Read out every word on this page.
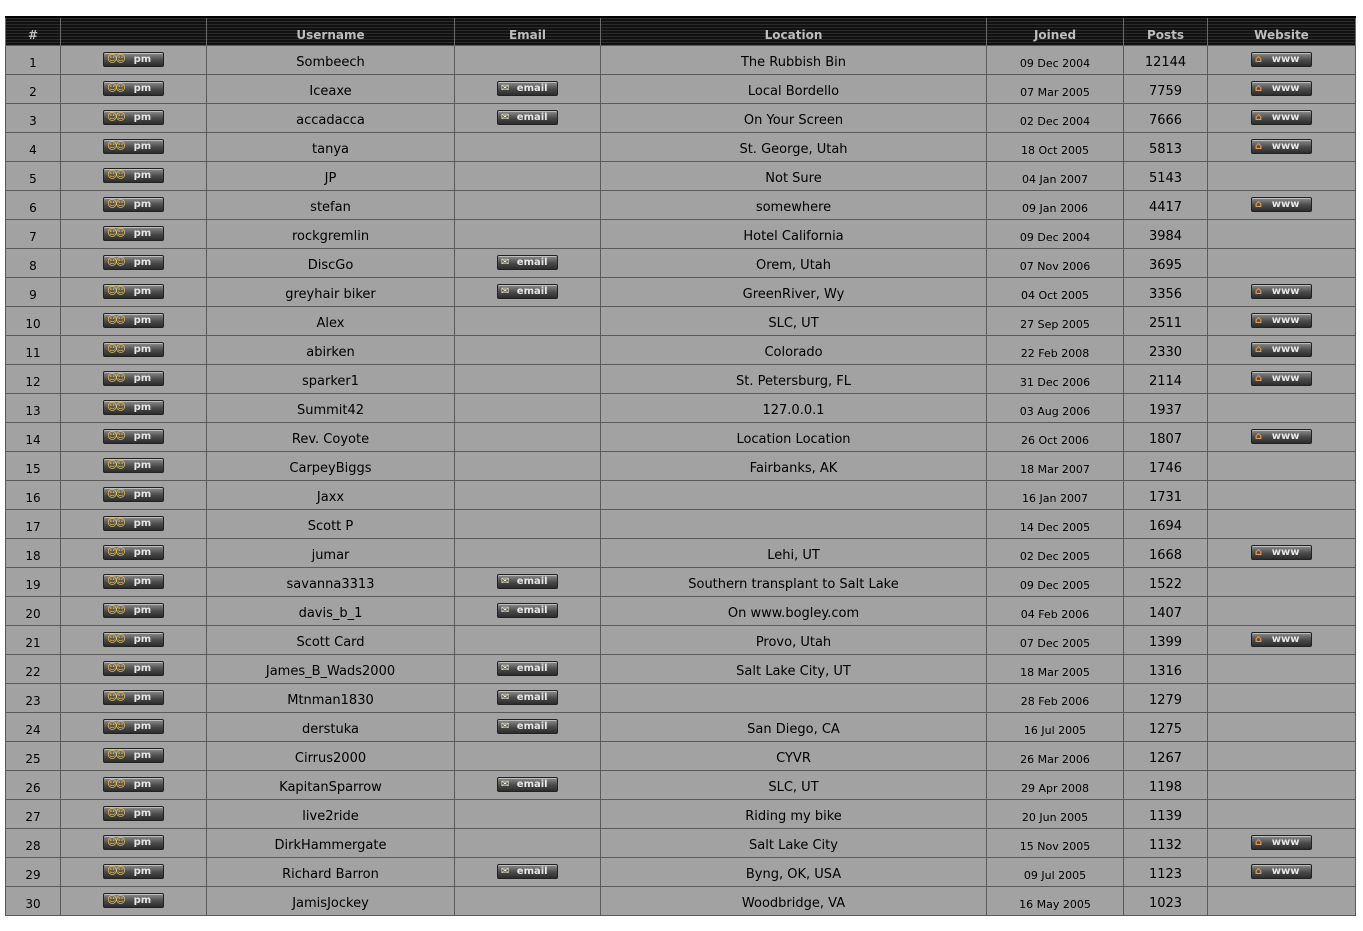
#		Username	Email	Location	Joined	Posts	Website
1	☺☺ pm	Sombeech		The Rubbish Bin	09 Dec 2004	12144	⌂ www

2	☺☺ pm	Iceaxe	✉ email	Local Bordello	07 Mar 2005	7759	⌂ www

3	☺☺ pm	accadacca	✉ email	On Your Screen	02 Dec 2004	7666	⌂ www

4	☺☺ pm	tanya		St. George, Utah	18 Oct 2005	5813	⌂ www

5	☺☺ pm	JP		Not Sure	04 Jan 2007	5143	
6	☺☺ pm	stefan		somewhere	09 Jan 2006	4417	⌂ www

7	☺☺ pm	rockgremlin		Hotel California	09 Dec 2004	3984	
8	☺☺ pm	DiscGo	✉ email	Orem, Utah	07 Nov 2006	3695	
9	☺☺ pm	greyhair biker	✉ email	GreenRiver, Wy	04 Oct 2005	3356	⌂ www

10	☺☺ pm	Alex		SLC, UT	27 Sep 2005	2511	⌂ www

11	☺☺ pm	abirken		Colorado	22 Feb 2008	2330	⌂ www

12	☺☺ pm	sparker1		St. Petersburg, FL	31 Dec 2006	2114	⌂ www

13	☺☺ pm	Summit42		127.0.0.1	03 Aug 2006	1937	
14	☺☺ pm	Rev. Coyote		Location Location	26 Oct 2006	1807	⌂ www

15	☺☺ pm	CarpeyBiggs		Fairbanks, AK	18 Mar 2007	1746	
16	☺☺ pm	Jaxx			16 Jan 2007	1731	
17	☺☺ pm	Scott P			14 Dec 2005	1694	
18	☺☺ pm	jumar		Lehi, UT	02 Dec 2005	1668	⌂ www

19	☺☺ pm	savanna3313	✉ email	Southern transplant to Salt Lake	09 Dec 2005	1522	
20	☺☺ pm	davis_b_1	✉ email	On www.bogley.com	04 Feb 2006	1407	
21	☺☺ pm	Scott Card		Provo, Utah	07 Dec 2005	1399	⌂ www

22	☺☺ pm	James_B_Wads2000	✉ email	Salt Lake City, UT	18 Mar 2005	1316	
23	☺☺ pm	Mtnman1830	✉ email		28 Feb 2006	1279	
24	☺☺ pm	derstuka	✉ email	San Diego, CA	16 Jul 2005	1275	
25	☺☺ pm	Cirrus2000		CYVR	26 Mar 2006	1267	
26	☺☺ pm	KapitanSparrow	✉ email	SLC, UT	29 Apr 2008	1198	
27	☺☺ pm	live2ride		Riding my bike	20 Jun 2005	1139	
28	☺☺ pm	DirkHammergate		Salt Lake City	15 Nov 2005	1132	⌂ www

29	☺☺ pm	Richard Barron	✉ email	Byng, OK, USA	09 Jul 2005	1123	⌂ www

30	☺☺ pm	JamisJockey		Woodbridge, VA	16 May 2005	1023	
